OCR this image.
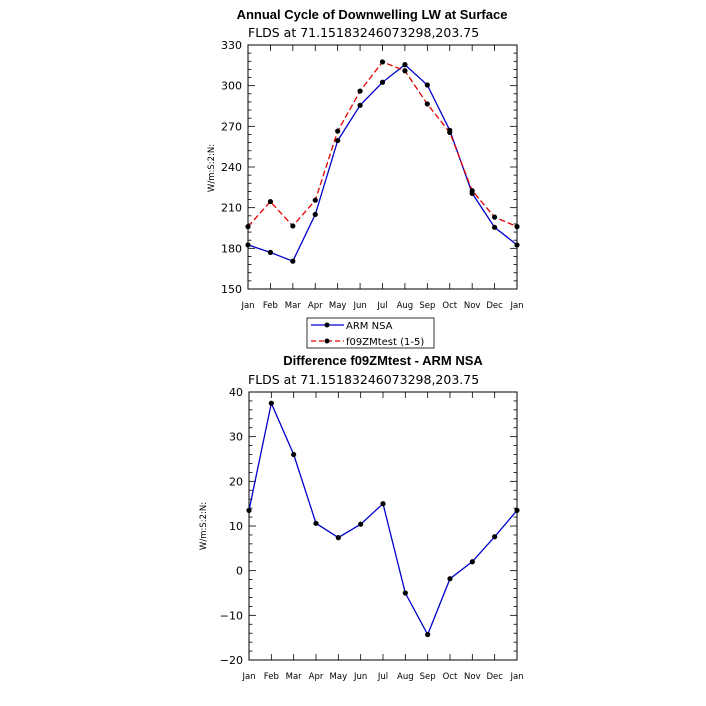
Annual Cycle of Downwelling LW at Surface
FLDS at 71.15183246073298,203.75
W/m:S:2:N:
150
180
210
240
270
300
330
Jan Feb Mar Apr May Jun Jul Aug Sep Oct Nov Dec Jan
ARM NSA
f09ZMtest (1-5)
Difference f09ZMtest - ARM NSA
FLDS at 71.15183246073298,203.75
W/m:S:2:N:
−20
−10
0
10
20
30
40
Jan Feb Mar Apr May Jun Jul Aug Sep Oct Nov Dec Jan
